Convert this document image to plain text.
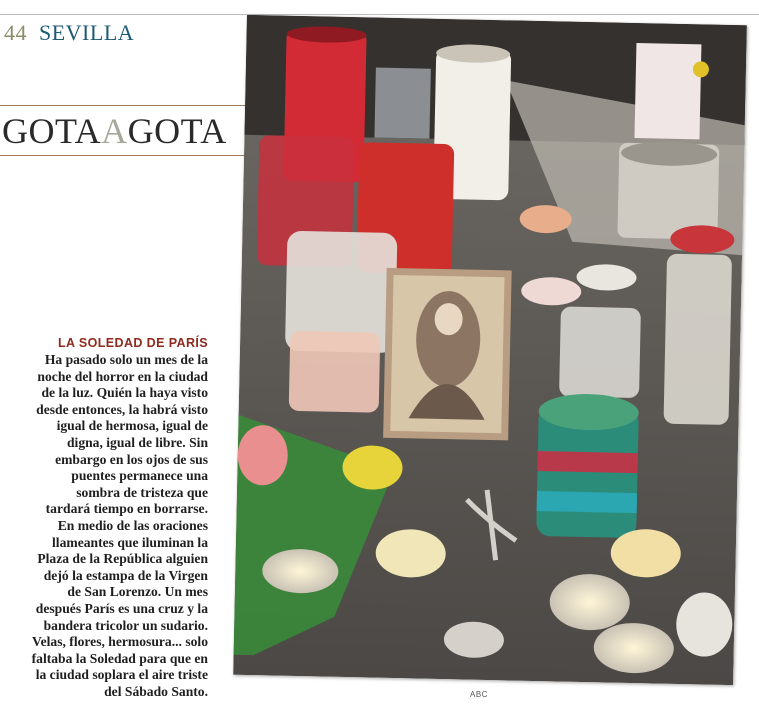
44 SEVILLA
GOTAAGOTA
LA SOLEDAD DE PARÍS
Ha pasado solo un mes de la
noche del horror en la ciudad
de la luz. Quién la haya visto
desde entonces, la habrá visto
igual de hermosa, igual de
digna, igual de libre. Sin
embargo en los ojos de sus
puentes permanece una
sombra de tristeza que
tardará tiempo en borrarse.
En medio de las oraciones
llameantes que iluminan la
Plaza de la República alguien
dejó la estampa de la Virgen
de San Lorenzo. Un mes
después París es una cruz y la
bandera tricolor un sudario.
Velas, flores, hermosura... solo
faltaba la Soledad para que en
la ciudad soplara el aire triste
del Sábado Santo.	ABC
